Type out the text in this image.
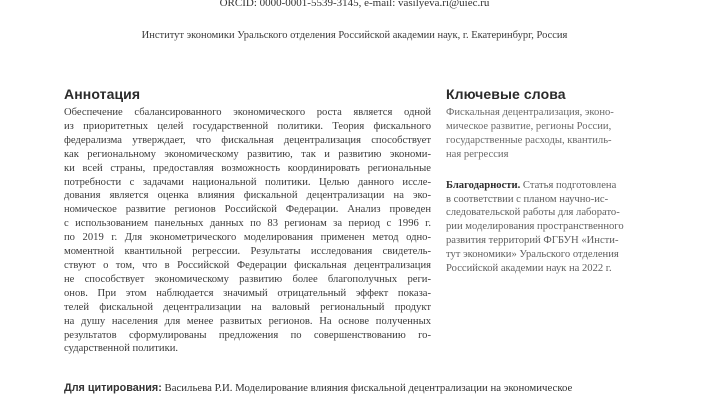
ORCID: 0000-0001-5539-3145, e-mail: vasilyeva.ri@uiec.ru
Институт экономики Уральского отделения Российской академии наук, г. Екатеринбург, Россия
Аннотация
Обеспечение сбалансированного экономического роста является одной
из приоритетных целей государственной политики. Теория фискального
федерализма утверждает, что фискальная децентрализация способствует
как региональному экономическому развитию, так и развитию экономи-
ки всей страны, предоставляя возможность координировать региональные
потребности с задачами национальной политики. Целью данного иссле-
дования является оценка влияния фискальной децентрализации на эко-
номическое развитие регионов Российской Федерации. Анализ проведен
с использованием панельных данных по 83 регионам за период с 1996 г.
по 2019 г. Для эконометрического моделирования применен метод одно-
моментной квантильной регрессии. Результаты исследования свидетель-
ствуют о том, что в Российской Федерации фискальная децентрализация
не способствует экономическому развитию более благополучных реги-
онов. При этом наблюдается значимый отрицательный эффект показа-
телей фискальной децентрализации на валовый региональный продукт
на душу населения для менее развитых регионов. На основе полученных
результатов сформулированы предложения по совершенствованию го-
сударственной политики.
Ключевые слова
Фискальная децентрализация, эконо-
мическое развитие, регионы России,
государственные расходы, квантиль-
ная регрессия
Благодарности. Статья подготовлена
в соответствии с планом научно-ис-
следовательской работы для лаборато-
рии моделирования пространственного
развития территорий ФГБУН «Инсти-
тут экономики» Уральского отделения
Российской академии наук на 2022 г.
Для цитирования: Васильева Р.И. Моделирование влияния фискальной децентрализации на экономическое
